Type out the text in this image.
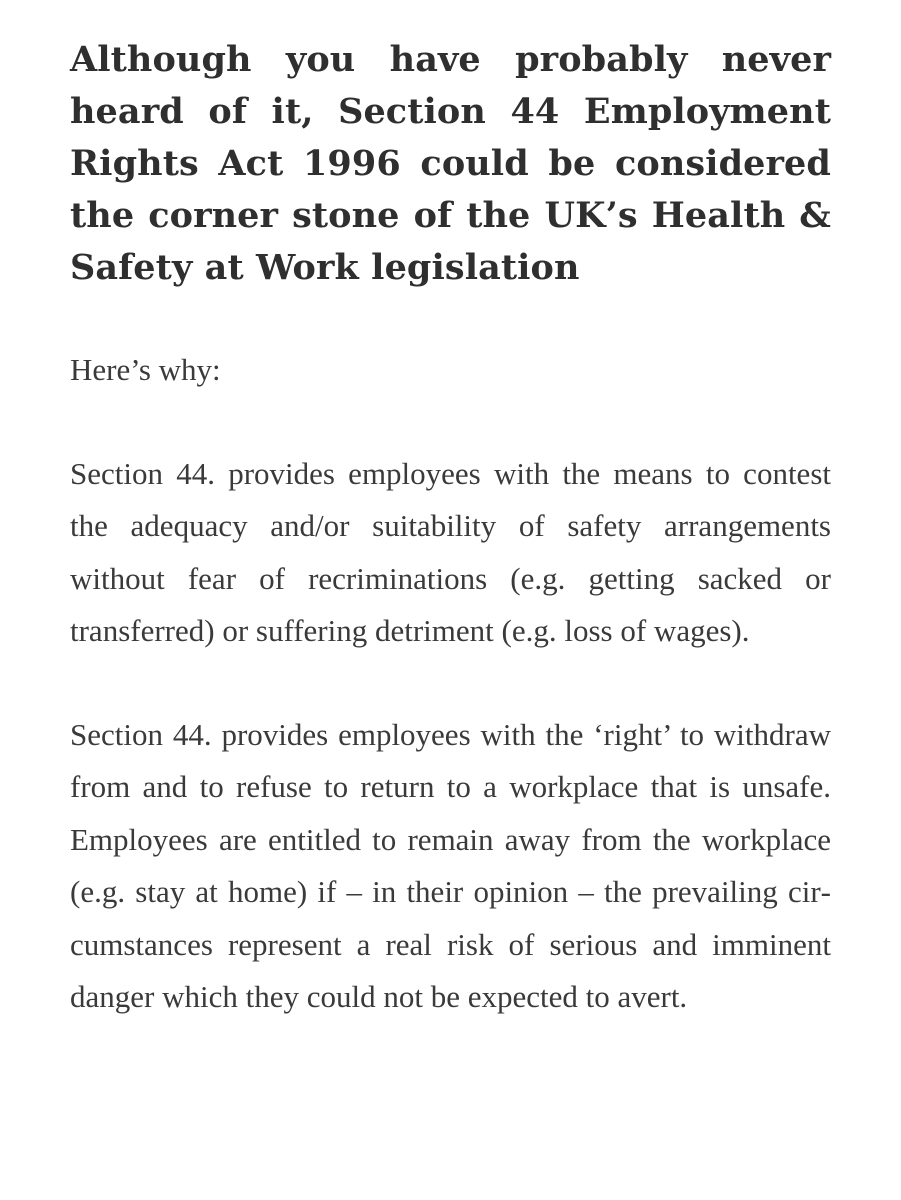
Although you have probably never heard of it, Section 44 Employment Rights Act 1996 could be considered the corner stone of the UK’s Health & Safety at Work legislation

Here’s why:

Section 44. provides employees with the means to contest the adequacy and/or suitability of safety arrangements without fear of recriminations (e.g. getting sacked or transferred) or suffering detriment (e.g. loss of wages).

Section 44. provides employees with the ‘right’ to withdraw from and to refuse to return to a workplace that is unsafe. Employees are entitled to remain away from the workplace (e.g. stay at home) if – in their opinion – the prevailing circumstances represent a real risk of serious and imminent danger which they could not be expected to avert.
